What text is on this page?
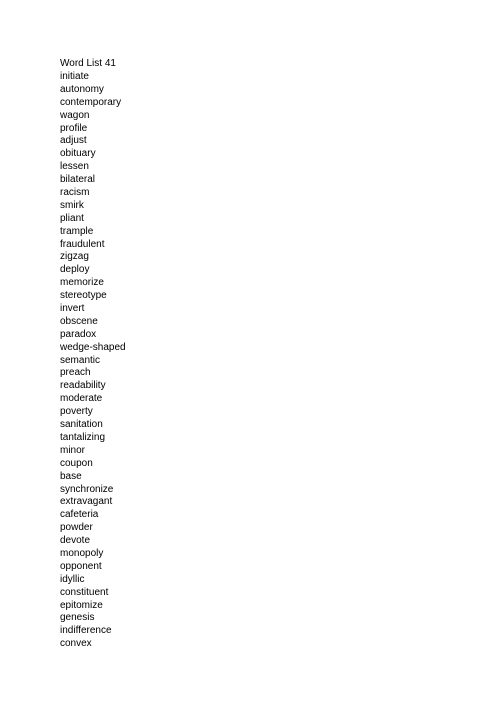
Word List 41
initiate
autonomy
contemporary
wagon
profile
adjust
obituary
lessen
bilateral
racism
smirk
pliant
trample
fraudulent
zigzag
deploy
memorize
stereotype
invert
obscene
paradox
wedge-shaped
semantic
preach
readability
moderate
poverty
sanitation
tantalizing
minor
coupon
base
synchronize
extravagant
cafeteria
powder
devote
monopoly
opponent
idyllic
constituent
epitomize
genesis
indifference
convex
